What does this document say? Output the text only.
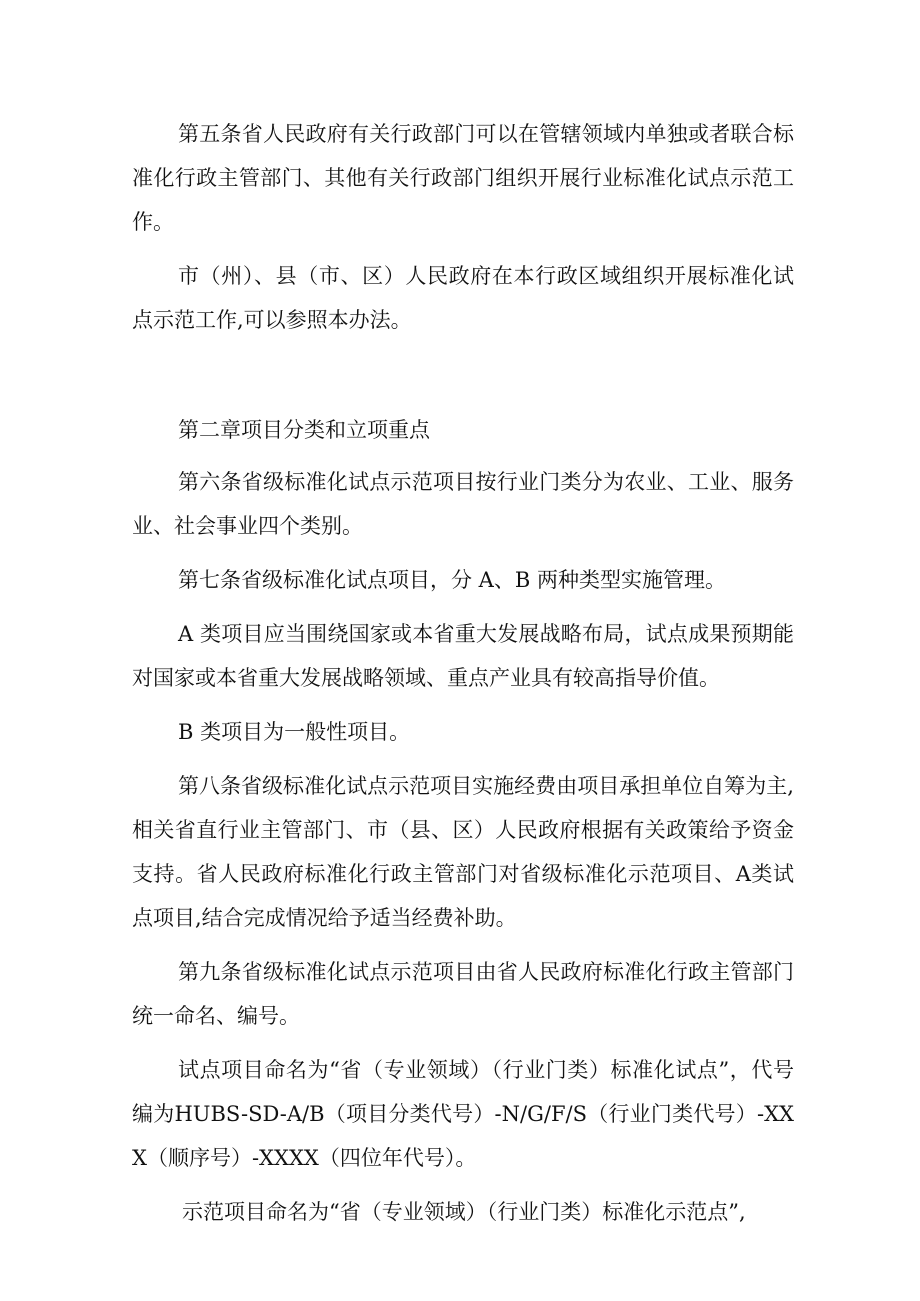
第五条省人民政府有关行政部门可以在管辖领域内单独或者联合标准化行政主管部门、其他有关行政部门组织开展行业标准化试点示范工作。

市（州）、县（市、区）人民政府在本行政区域组织开展标准化试点示范工作,可以参照本办法。

第二章项目分类和立项重点

第六条省级标准化试点示范项目按行业门类分为农业、工业、服务业、社会事业四个类别。

第七条省级标准化试点项目，分 A、B 两种类型实施管理。

A 类项目应当围绕国家或本省重大发展战略布局，试点成果预期能对国家或本省重大发展战略领域、重点产业具有较高指导价值。

B 类项目为一般性项目。

第八条省级标准化试点示范项目实施经费由项目承担单位自筹为主,相关省直行业主管部门、市（县、区）人民政府根据有关政策给予资金支持。省人民政府标准化行政主管部门对省级标准化示范项目、A类试点项目,结合完成情况给予适当经费补助。

第九条省级标准化试点示范项目由省人民政府标准化行政主管部门统一命名、编号。

试点项目命名为“省（专业领域）（行业门类）标准化试点”，代号编为HUBS-SD-A/B（项目分类代号）-N/G/F/S（行业门类代号）-XXX（顺序号）-XXXX（四位年代号）。

示范项目命名为“省（专业领域）（行业门类）标准化示范点”,
